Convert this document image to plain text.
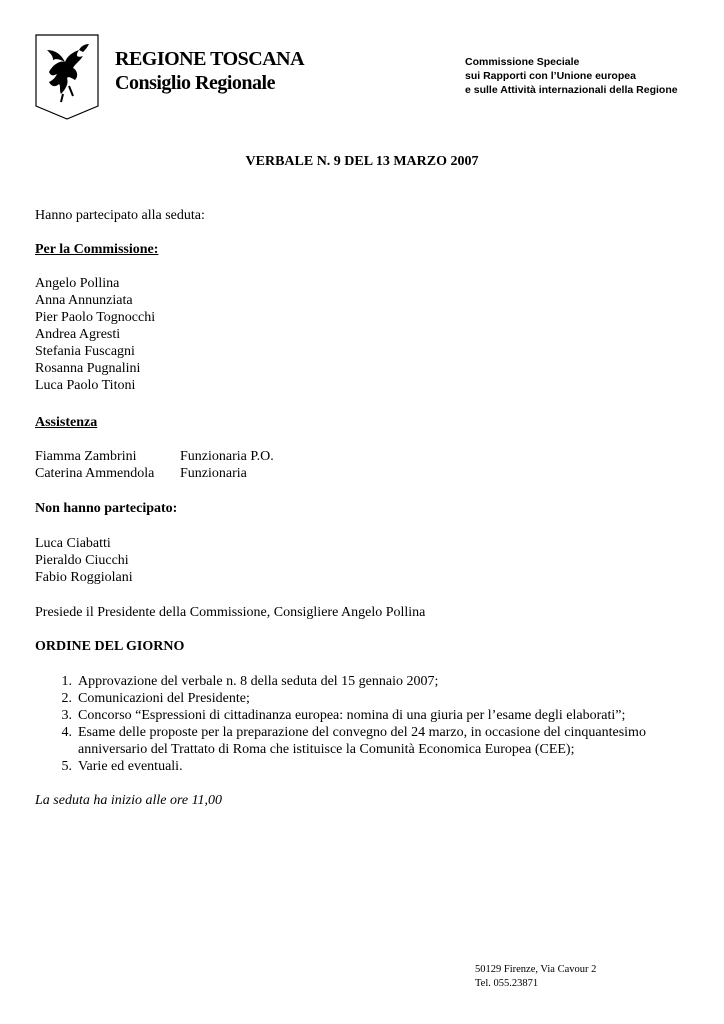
REGIONE TOSCANA
Consiglio Regionale
Commissione Speciale
sui Rapporti con l’Unione europea
e sulle Attività internazionali della Regione
VERBALE N. 9 DEL 13 MARZO 2007
Hanno partecipato alla seduta:
Per la Commissione:
Angelo Pollina
Anna Annunziata
Pier Paolo Tognocchi
Andrea Agresti
Stefania Fuscagni
Rosanna Pugnalini
Luca Paolo Titoni
Assistenza
Fiamma Zambrini	Funzionaria P.O.
Caterina Ammendola	Funzionaria
Non hanno partecipato:
Luca Ciabatti
Pieraldo Ciucchi
Fabio Roggiolani
Presiede il Presidente della Commissione, Consigliere Angelo Pollina
ORDINE DEL GIORNO
1. Approvazione del verbale n. 8 della seduta del 15 gennaio 2007;
2. Comunicazioni del Presidente;
3. Concorso “Espressioni di cittadinanza europea: nomina di una giuria per l’esame degli elaborati”;
4. Esame delle proposte per la preparazione del convegno del 24 marzo, in occasione del cinquantesimo anniversario del Trattato di Roma che istituisce la Comunità Economica Europea (CEE);
5. Varie ed eventuali.
La seduta ha inizio alle ore 11,00
50129 Firenze, Via Cavour 2
Tel. 055.23871
